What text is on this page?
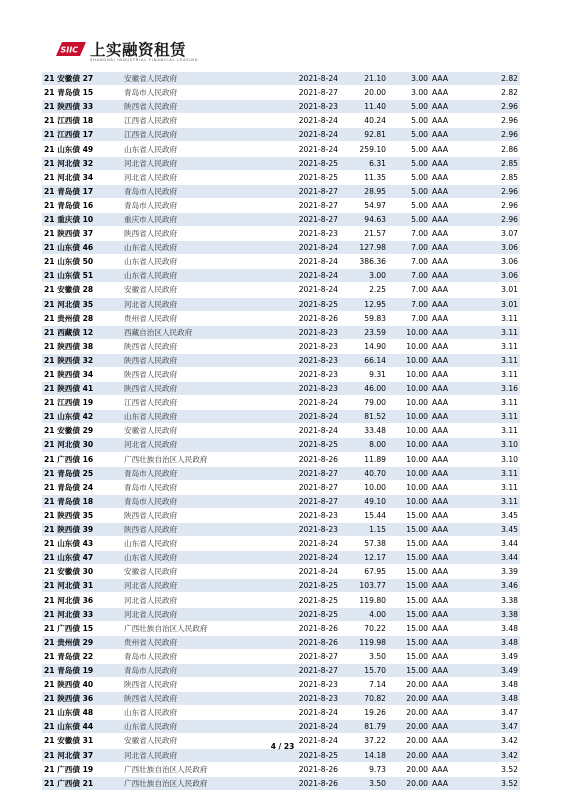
SIIC 上实融资租赁
SHANGHAI INDUSTRIAL FINANCIAL LEASING
21 安徽债 27	安徽省人民政府	2021-8-24	21.10	3.00	AAA	2.82
21 青岛债 15	青岛市人民政府	2021-8-27	20.00	3.00	AAA	2.82
21 陕西债 33	陕西省人民政府	2021-8-23	11.40	5.00	AAA	2.96
21 江西债 18	江西省人民政府	2021-8-24	40.24	5.00	AAA	2.96
21 江西债 17	江西省人民政府	2021-8-24	92.81	5.00	AAA	2.96
21 山东债 49	山东省人民政府	2021-8-24	259.10	5.00	AAA	2.86
21 河北债 32	河北省人民政府	2021-8-25	6.31	5.00	AAA	2.85
21 河北债 34	河北省人民政府	2021-8-25	11.35	5.00	AAA	2.85
21 青岛债 17	青岛市人民政府	2021-8-27	28.95	5.00	AAA	2.96
21 青岛债 16	青岛市人民政府	2021-8-27	54.97	5.00	AAA	2.96
21 重庆债 10	重庆市人民政府	2021-8-27	94.63	5.00	AAA	2.96
21 陕西债 37	陕西省人民政府	2021-8-23	21.57	7.00	AAA	3.07
21 山东债 46	山东省人民政府	2021-8-24	127.98	7.00	AAA	3.06
21 山东债 50	山东省人民政府	2021-8-24	386.36	7.00	AAA	3.06
21 山东债 51	山东省人民政府	2021-8-24	3.00	7.00	AAA	3.06
21 安徽债 28	安徽省人民政府	2021-8-24	2.25	7.00	AAA	3.01
21 河北债 35	河北省人民政府	2021-8-25	12.95	7.00	AAA	3.01
21 贵州债 28	贵州省人民政府	2021-8-26	59.83	7.00	AAA	3.11
21 西藏债 12	西藏自治区人民政府	2021-8-23	23.59	10.00	AAA	3.11
21 陕西债 38	陕西省人民政府	2021-8-23	14.90	10.00	AAA	3.11
21 陕西债 32	陕西省人民政府	2021-8-23	66.14	10.00	AAA	3.11
21 陕西债 34	陕西省人民政府	2021-8-23	9.31	10.00	AAA	3.11
21 陕西债 41	陕西省人民政府	2021-8-23	46.00	10.00	AAA	3.16
21 江西债 19	江西省人民政府	2021-8-24	79.00	10.00	AAA	3.11
21 山东债 42	山东省人民政府	2021-8-24	81.52	10.00	AAA	3.11
21 安徽债 29	安徽省人民政府	2021-8-24	33.48	10.00	AAA	3.11
21 河北债 30	河北省人民政府	2021-8-25	8.00	10.00	AAA	3.10
21 广西债 16	广西壮族自治区人民政府	2021-8-26	11.89	10.00	AAA	3.10
21 青岛债 25	青岛市人民政府	2021-8-27	40.70	10.00	AAA	3.11
21 青岛债 24	青岛市人民政府	2021-8-27	10.00	10.00	AAA	3.11
21 青岛债 18	青岛市人民政府	2021-8-27	49.10	10.00	AAA	3.11
21 陕西债 35	陕西省人民政府	2021-8-23	15.44	15.00	AAA	3.45
21 陕西债 39	陕西省人民政府	2021-8-23	1.15	15.00	AAA	3.45
21 山东债 43	山东省人民政府	2021-8-24	57.38	15.00	AAA	3.44
21 山东债 47	山东省人民政府	2021-8-24	12.17	15.00	AAA	3.44
21 安徽债 30	安徽省人民政府	2021-8-24	67.95	15.00	AAA	3.39
21 河北债 31	河北省人民政府	2021-8-25	103.77	15.00	AAA	3.46
21 河北债 36	河北省人民政府	2021-8-25	119.80	15.00	AAA	3.38
21 河北债 33	河北省人民政府	2021-8-25	4.00	15.00	AAA	3.38
21 广西债 15	广西壮族自治区人民政府	2021-8-26	70.22	15.00	AAA	3.48
21 贵州债 29	贵州省人民政府	2021-8-26	119.98	15.00	AAA	3.48
21 青岛债 22	青岛市人民政府	2021-8-27	3.50	15.00	AAA	3.49
21 青岛债 19	青岛市人民政府	2021-8-27	15.70	15.00	AAA	3.49
21 陕西债 40	陕西省人民政府	2021-8-23	7.14	20.00	AAA	3.48
21 陕西债 36	陕西省人民政府	2021-8-23	70.82	20.00	AAA	3.48
21 山东债 48	山东省人民政府	2021-8-24	19.26	20.00	AAA	3.47
21 山东债 44	山东省人民政府	2021-8-24	81.79	20.00	AAA	3.47
21 安徽债 31	安徽省人民政府	2021-8-24	37.22	20.00	AAA	3.42
21 河北债 37	河北省人民政府	2021-8-25	14.18	20.00	AAA	3.42
21 广西债 19	广西壮族自治区人民政府	2021-8-26	9.73	20.00	AAA	3.52
21 广西债 21	广西壮族自治区人民政府	2021-8-26	3.50	20.00	AAA	3.52
4 / 23
